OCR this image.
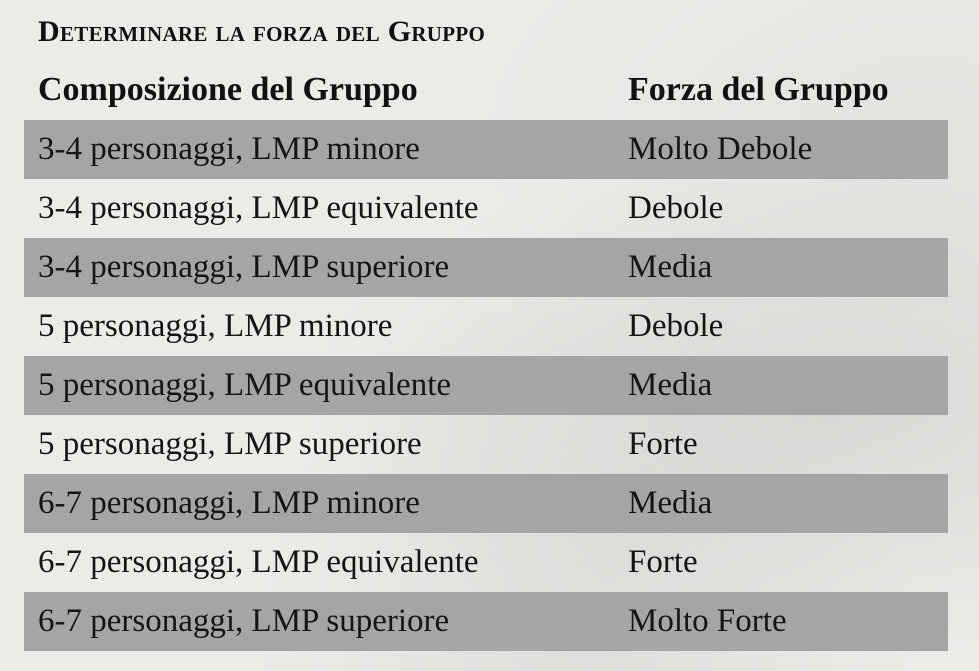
Determinare la forza del Gruppo
Composizione del Gruppo	Forza del Gruppo
3-4 personaggi, LMP minore	Molto Debole
3-4 personaggi, LMP equivalente	Debole
3-4 personaggi, LMP superiore	Media
5 personaggi, LMP minore	Debole
5 personaggi, LMP equivalente	Media
5 personaggi, LMP superiore	Forte
6-7 personaggi, LMP minore	Media
6-7 personaggi, LMP equivalente	Forte
6-7 personaggi, LMP superiore	Molto Forte
